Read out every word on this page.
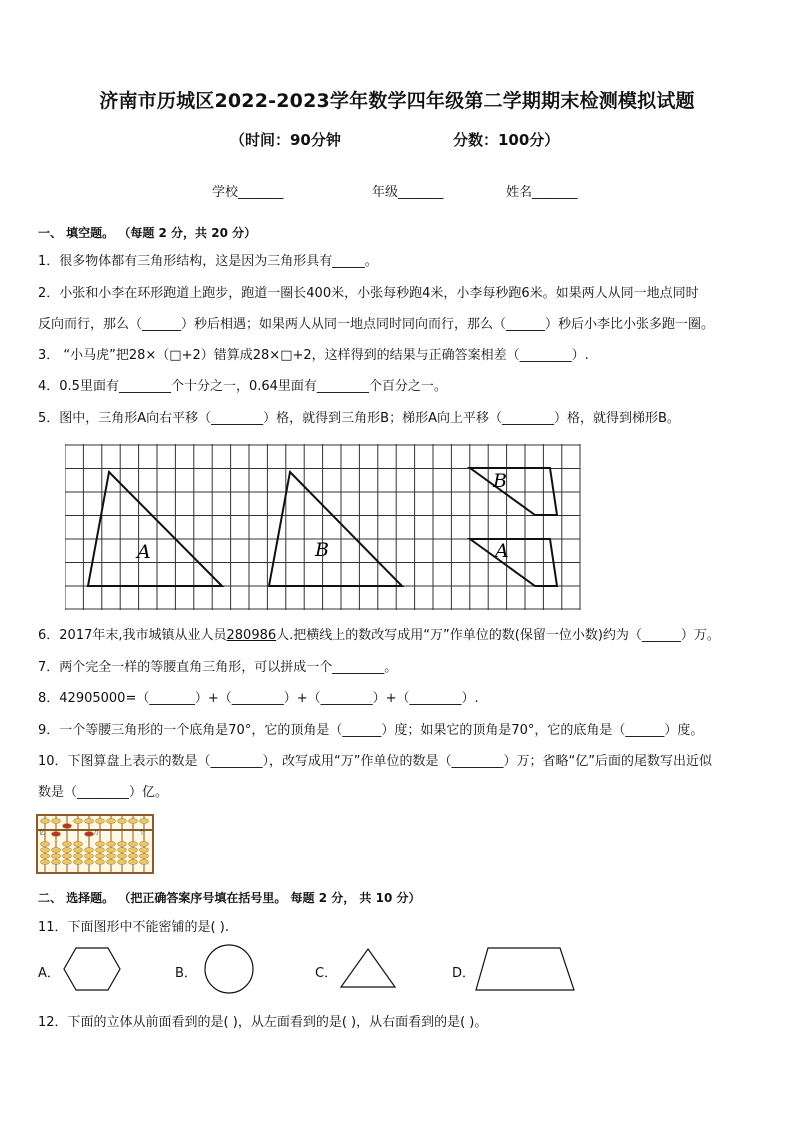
济南市历城区2022-2023学年数学四年级第二学期期末检测模拟试题
（时间：90分钟	分数：100分）
学校_______	年级_______	姓名_______
一、 填空题。 （每题 2 分，共 20 分）
1．很多物体都有三角形结构，这是因为三角形具有_____。
2．小张和小李在环形跑道上跑步，跑道一圈长400米，小张每秒跑4米，小李每秒跑6米。如果两人从同一地点同时
反向而行，那么（______）秒后相遇；如果两人从同一地点同时同向而行，那么（______）秒后小李比小张多跑一圈。
3． “小马虎”把28×（□+2）错算成28×□+2，这样得到的结果与正确答案相差（________）.
4．0.5里面有________个十分之一，0.64里面有________个百分之一。
5．图中，三角形A向右平移（________）格，就得到三角形B；梯形A向上平移（________）格，就得到梯形B。
A	B
B
A
6．2017年末,我市城镇从业人员280986人.把横线上的数改写成用“万”作单位的数(保留一位小数)约为（______）万。
7．两个完全一样的等腰直角三角形，可以拼成一个________。
8．42905000=（_______）+（________）+（________）+（________）.
9．一个等腰三角形的一个底角是70°，它的顶角是（______）度；如果它的顶角是70°，它的底角是（______）度。
10．下图算盘上表示的数是（________），改写成用“万”作单位的数是（________）万；省略“亿”后面的尾数写出近似
数是（________）亿。
亿	万	个
二、 选择题。 （把正确答案序号填在括号里。 每题 2 分， 共 10 分）
11．下面图形中不能密铺的是( ).
A．	B．	C．	D．
12．下面的立体从前面看到的是( )，从左面看到的是( )，从右面看到的是( )。
